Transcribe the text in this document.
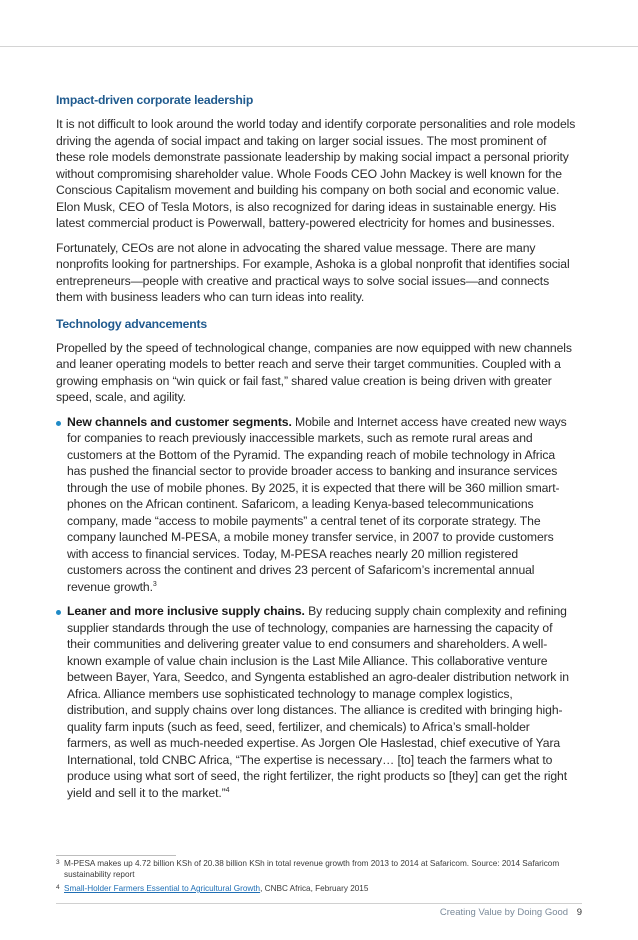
Impact-driven corporate leadership

It is not difficult to look around the world today and identify corporate personalities and role models driving the agenda of social impact and taking on larger social issues. The most prominent of these role models demonstrate passionate leadership by making social impact a personal priority without compromising shareholder value. Whole Foods CEO John Mackey is well known for the Conscious Capitalism movement and building his company on both social and economic value. Elon Musk, CEO of Tesla Motors, is also recognized for daring ideas in sustainable energy. His latest commercial product is Powerwall, battery-powered electricity for homes and businesses.

Fortunately, CEOs are not alone in advocating the shared value message. There are many nonprofits looking for partnerships. For example, Ashoka is a global nonprofit that identifies social entrepreneurs—people with creative and practical ways to solve social issues—and connects them with business leaders who can turn ideas into reality.

Technology advancements

Propelled by the speed of technological change, companies are now equipped with new channels and leaner operating models to better reach and serve their target communities. Coupled with a growing emphasis on “win quick or fail fast,” shared value creation is being driven with greater speed, scale, and agility.

New channels and customer segments. Mobile and Internet access have created new ways for companies to reach previously inaccessible markets, such as remote rural areas and customers at the Bottom of the Pyramid. The expanding reach of mobile technology in Africa has pushed the financial sector to provide broader access to banking and insurance services through the use of mobile phones. By 2025, it is expected that there will be 360 million smart-phones on the African continent. Safaricom, a leading Kenya-based telecommunications company, made “access to mobile payments” a central tenet of its corporate strategy. The company launched M-PESA, a mobile money transfer service, in 2007 to provide customers with access to financial services. Today, M-PESA reaches nearly 20 million registered customers across the continent and drives 23 percent of Safaricom’s incremental annual revenue growth.$^3$
Leaner and more inclusive supply chains. By reducing supply chain complexity and refining supplier standards through the use of technology, companies are harnessing the capacity of their communities and delivering greater value to end consumers and shareholders. A well-known example of value chain inclusion is the Last Mile Alliance. This collaborative venture between Bayer, Yara, Seedco, and Syngenta established an agro-dealer distribution network in Africa. Alliance members use sophisticated technology to manage complex logistics, distribution, and supply chains over long distances. The alliance is credited with bringing high-quality farm inputs (such as feed, seed, fertilizer, and chemicals) to Africa’s small-holder farmers, as well as much-needed expertise. As Jorgen Ole Haslestad, chief executive of Yara International, told CNBC Africa, “The expertise is necessary… [to] teach the farmers what to produce using what sort of seed, the right fertilizer, the right products so [they] can get the right yield and sell it to the market.”$^4$
3 M-PESA makes up 4.72 billion KSh of 20.38 billion KSh in total revenue growth from 2013 to 2014 at Safaricom. Source: 2014 Safaricom sustainability report
4 Small-Holder Farmers Essential to Agricultural Growth, CNBC Africa, February 2015
Creating Value by Doing Good 9
